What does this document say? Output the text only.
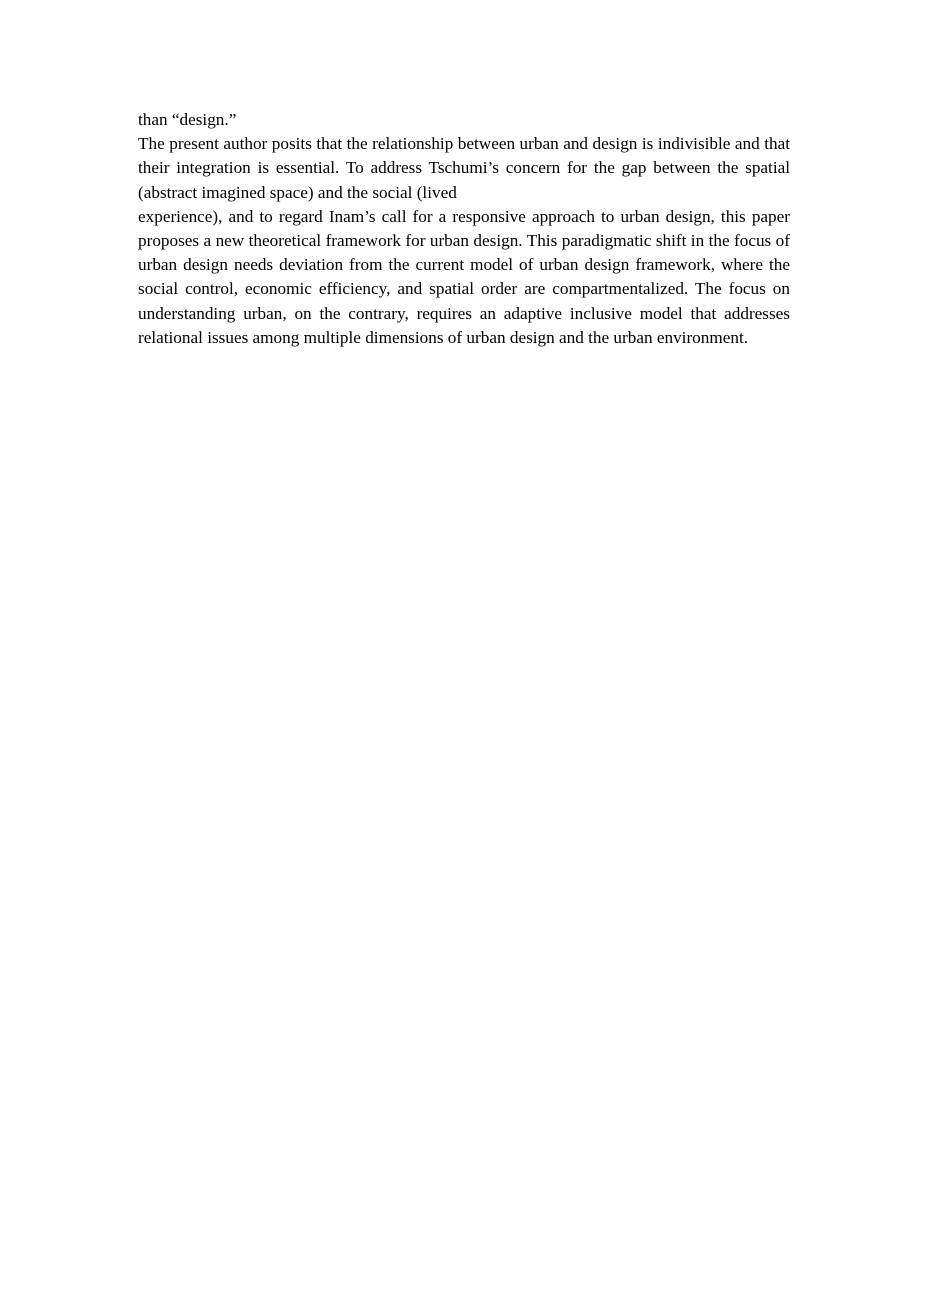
than “design.”

The present author posits that the relationship between urban and design is indivisible and that their integration is essential. To address Tschumi’s concern for the gap between the spatial (abstract imagined space) and the social (lived

experience), and to regard Inam’s call for a responsive approach to urban design, this paper proposes a new theoretical framework for urban design. This paradigmatic shift in the focus of urban design needs deviation from the current model of urban design framework, where the social control, economic efficiency, and spatial order are compartmentalized. The focus on understanding urban, on the contrary, requires an adaptive inclusive model that addresses relational issues among multiple dimensions of urban design and the urban environment.
